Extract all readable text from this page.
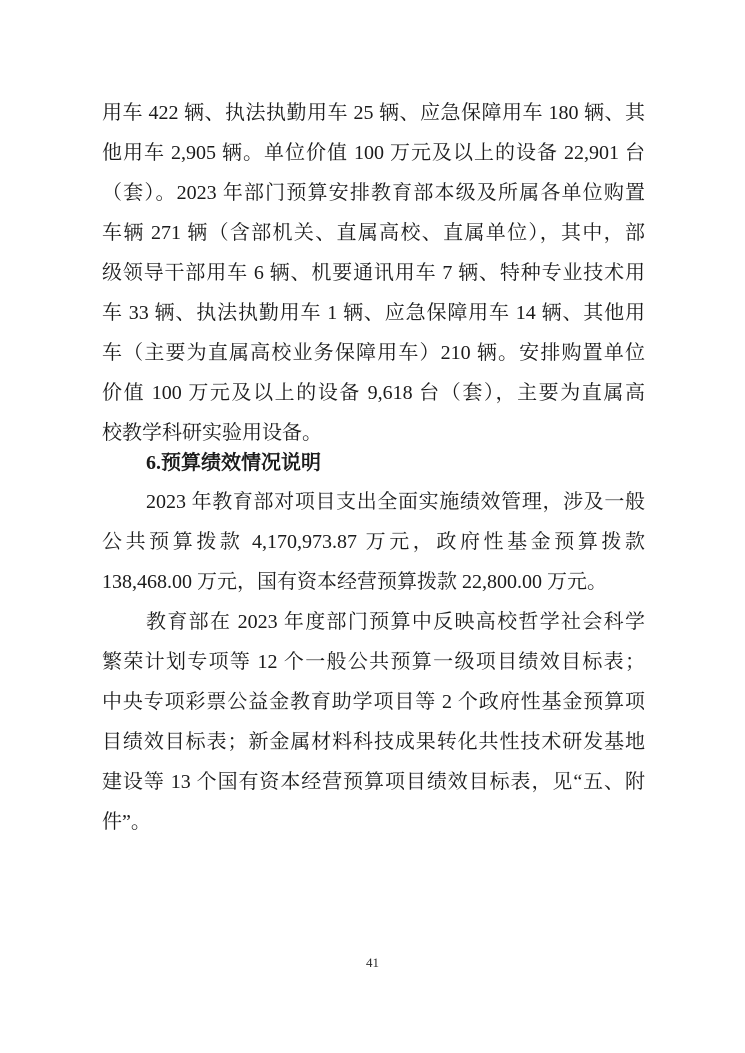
用车 422 辆、执法执勤用车 25 辆、应急保障用车 180 辆、其
他用车 2,905 辆。单位价值 100 万元及以上的设备 22,901 台
（套）。2023 年部门预算安排教育部本级及所属各单位购置
车辆 271 辆（含部机关、直属高校、直属单位），其中，部
级领导干部用车 6 辆、机要通讯用车 7 辆、特种专业技术用
车 33 辆、执法执勤用车 1 辆、应急保障用车 14 辆、其他用
车（主要为直属高校业务保障用车）210 辆。安排购置单位
价值 100 万元及以上的设备 9,618 台（套），主要为直属高
校教学科研实验用设备。
6.预算绩效情况说明
2023 年教育部对项目支出全面实施绩效管理，涉及一般
公共预算拨款 4,170,973.87 万元，政府性基金预算拨款
138,468.00 万元，国有资本经营预算拨款 22,800.00 万元。
教育部在 2023 年度部门预算中反映高校哲学社会科学
繁荣计划专项等 12 个一般公共预算一级项目绩效目标表；
中央专项彩票公益金教育助学项目等 2 个政府性基金预算项
目绩效目标表；新金属材料科技成果转化共性技术研发基地
建设等 13 个国有资本经营预算项目绩效目标表，见“五、附
件”。
41
